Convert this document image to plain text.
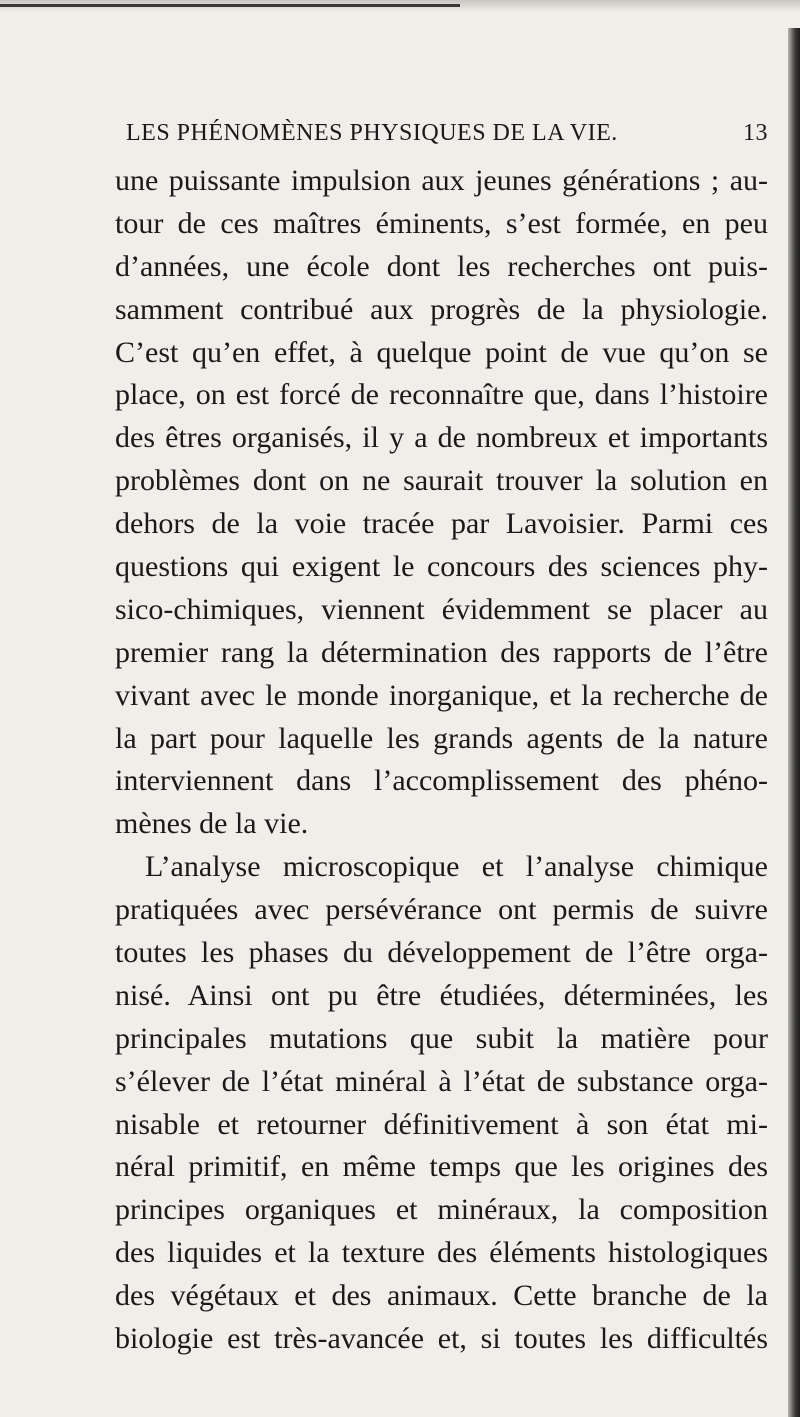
LES PHÉNOMÈNES PHYSIQUES DE LA VIE.	13
une puissante impulsion aux jeunes générations ; au-
tour de ces maîtres éminents, s’est formée, en peu
d’années, une école dont les recherches ont puis-
samment contribué aux progrès de la physiologie.
C’est qu’en effet, à quelque point de vue qu’on se
place, on est forcé de reconnaître que, dans l’histoire
des êtres organisés, il y a de nombreux et importants
problèmes dont on ne saurait trouver la solution en
dehors de la voie tracée par Lavoisier. Parmi ces
questions qui exigent le concours des sciences phy-
sico-chimiques, viennent évidemment se placer au
premier rang la détermination des rapports de l’être
vivant avec le monde inorganique, et la recherche de
la part pour laquelle les grands agents de la nature
interviennent dans l’accomplissement des phéno-
mènes de la vie.
L’analyse microscopique et l’analyse chimique
pratiquées avec persévérance ont permis de suivre
toutes les phases du développement de l’être orga-
nisé. Ainsi ont pu être étudiées, déterminées, les
principales mutations que subit la matière pour
s’élever de l’état minéral à l’état de substance orga-
nisable et retourner définitivement à son état mi-
néral primitif, en même temps que les origines des
principes organiques et minéraux, la composition
des liquides et la texture des éléments histologiques
des végétaux et des animaux. Cette branche de la
biologie est très-avancée et, si toutes les difficultés
